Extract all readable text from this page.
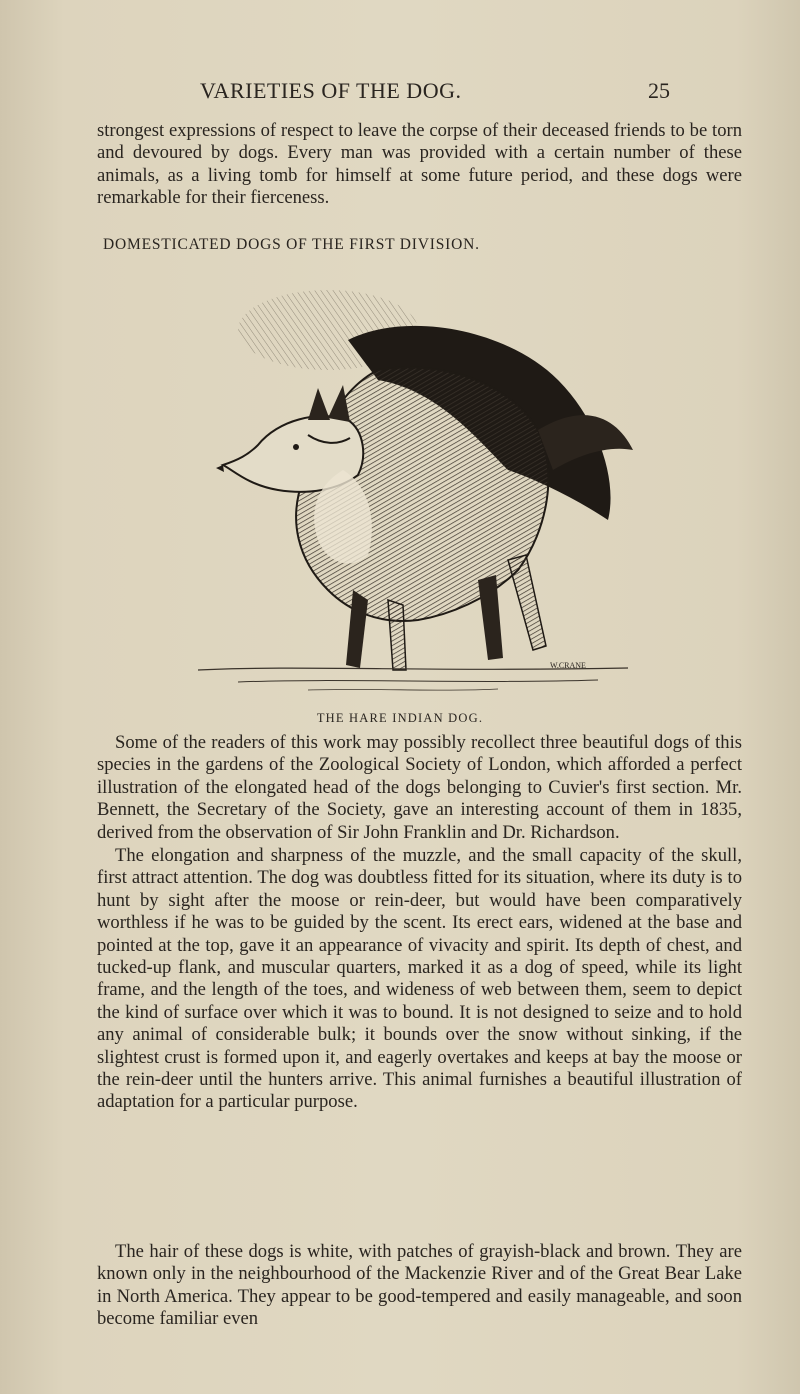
VARIETIES OF THE DOG.	25

strongest expressions of respect to leave the corpse of their deceased friends to be torn and devoured by dogs. Every man was provided with a certain number of these animals, as a living tomb for himself at some future period, and these dogs were remarkable for their fierceness.

DOMESTICATED DOGS OF THE FIRST DIVISION.
W.CRANE
THE HARE INDIAN DOG.

Some of the readers of this work may possibly recollect three beautiful dogs of this species in the gardens of the Zoological Society of London, which afforded a perfect illustration of the elongated head of the dogs belonging to Cuvier's first section. Mr. Bennett, the Secretary of the Society, gave an interesting account of them in 1835, derived from the observation of Sir John Franklin and Dr. Richardson.

The elongation and sharpness of the muzzle, and the small capacity of the skull, first attract attention. The dog was doubtless fitted for its situation, where its duty is to hunt by sight after the moose or rein-deer, but would have been comparatively worthless if he was to be guided by the scent. Its erect ears, widened at the base and pointed at the top, gave it an appearance of vivacity and spirit. Its depth of chest, and tucked-up flank, and muscular quarters, marked it as a dog of speed, while its light frame, and the length of the toes, and wideness of web between them, seem to depict the kind of surface over which it was to bound. It is not designed to seize and to hold any animal of considerable bulk; it bounds over the snow without sinking, if the slightest crust is formed upon it, and eagerly overtakes and keeps at bay the moose or the rein-deer until the hunters arrive. This animal furnishes a beautiful illustration of adaptation for a particular purpose.

The hair of these dogs is white, with patches of grayish-black and brown. They are known only in the neighbourhood of the Mackenzie River and of the Great Bear Lake in North America. They appear to be good-tempered and easily manageable, and soon become familiar even
